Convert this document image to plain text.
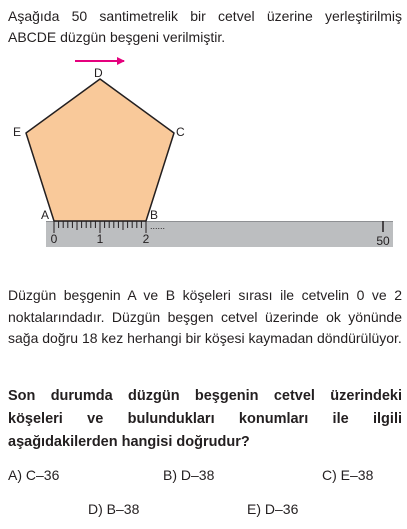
Aşağıda 50 santimetrelik bir cetvel üzerine yerleştirilmiş ABCDE düzgün beşgeni verilmiştir.
......
0	1	2	50
A	B
C
D
E
Düzgün beşgenin A ve B köşeleri sırası ile cetvelin 0 ve 2 noktalarındadır. Düzgün beşgen cetvel üzerinde ok yönünde sağa doğru 18 kez herhangi bir köşesi kaymadan döndürülüyor.
Son durumda düzgün beşgenin cetvel üzerindeki köşeleri ve bulundukları konumları ile ilgili aşağıdakilerden hangisi doğrudur?
A) C–36	B) D–38	C) E–38
D) B–38	E) D–36
